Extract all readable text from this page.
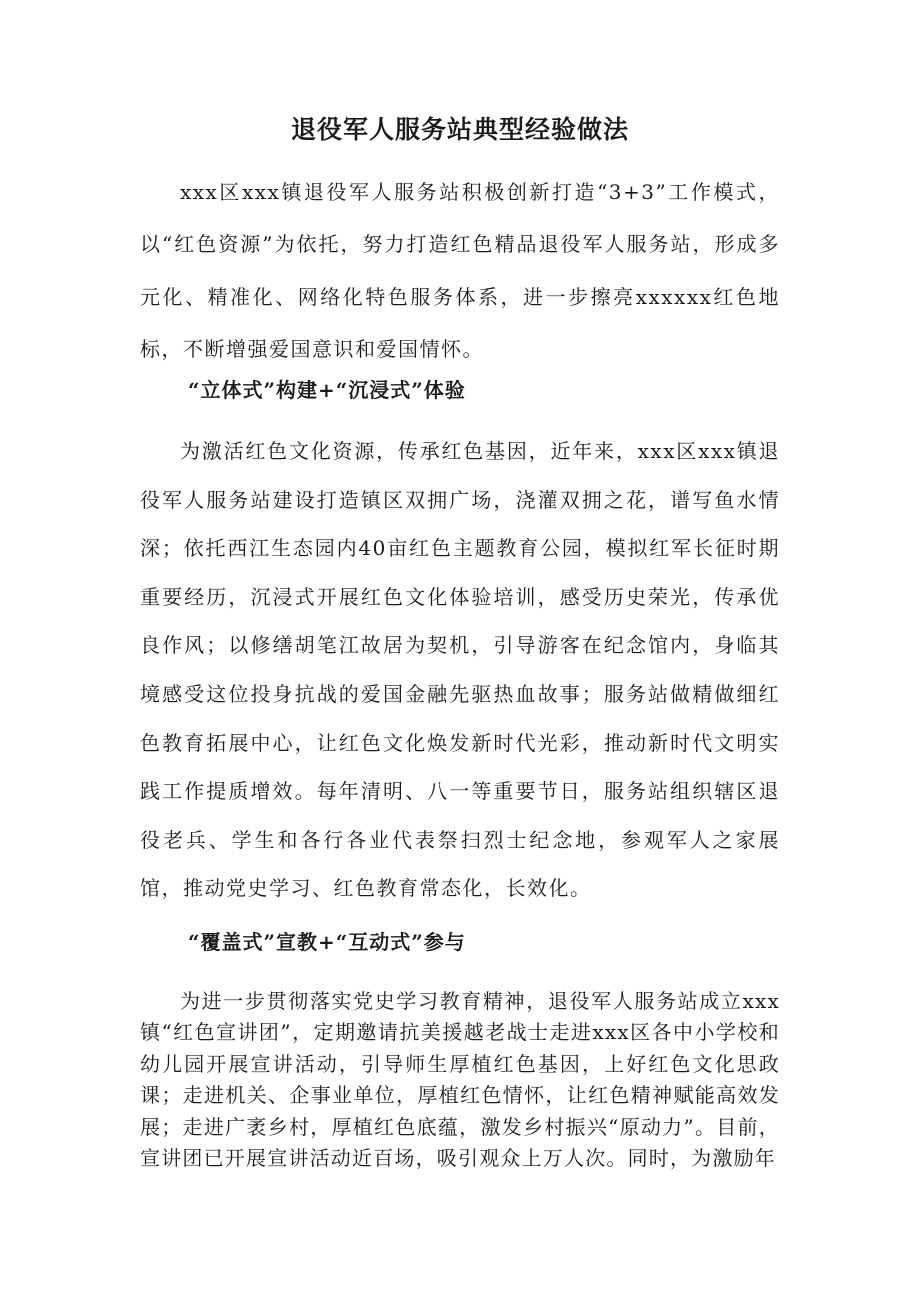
退役军人服务站典型经验做法

xxx区xxx镇退役军人服务站积极创新打造“3+3”工作模式，以“红色资源”为依托，努力打造红色精品退役军人服务站，形成多元化、精准化、网络化特色服务体系，进一步擦亮xxxxxx红色地标，不断增强爱国意识和爱国情怀。

“立体式”构建+“沉浸式”体验

为激活红色文化资源，传承红色基因，近年来，xxx区xxx镇退役军人服务站建设打造镇区双拥广场，浇灌双拥之花，谱写鱼水情深；依托西江生态园内40亩红色主题教育公园，模拟红军长征时期重要经历，沉浸式开展红色文化体验培训，感受历史荣光，传承优良作风；以修缮胡笔江故居为契机，引导游客在纪念馆内，身临其境感受这位投身抗战的爱国金融先驱热血故事；服务站做精做细红色教育拓展中心，让红色文化焕发新时代光彩，推动新时代文明实践工作提质增效。每年清明、八一等重要节日，服务站组织辖区退役老兵、学生和各行各业代表祭扫烈士纪念地，参观军人之家展馆，推动党史学习、红色教育常态化，长效化。

“覆盖式”宣教+“互动式”参与

为进一步贯彻落实党史学习教育精神，退役军人服务站成立xxx镇“红色宣讲团”，定期邀请抗美援越老战士走进xxx区各中小学校和幼儿园开展宣讲活动，引导师生厚植红色基因，上好红色文化思政课；走进机关、企事业单位，厚植红色情怀，让红色精神赋能高效发展；走进广袤乡村，厚植红色底蕴，激发乡村振兴“原动力”。目前，宣讲团已开展宣讲活动近百场，吸引观众上万人次。同时，为激励年
